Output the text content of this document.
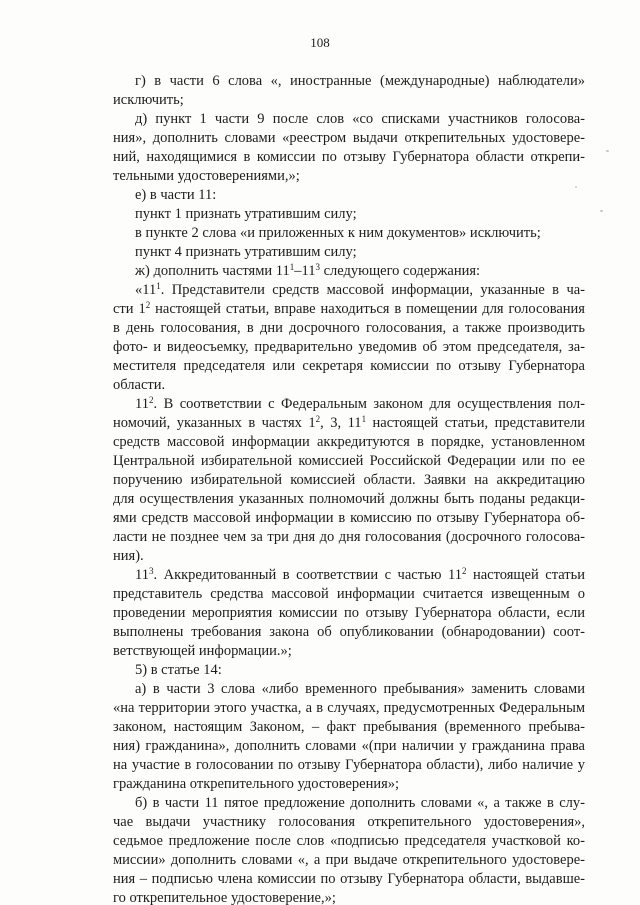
108
г) в части 6 слова «, иностранные (международные) наблюдатели»
исключить;
д) пункт 1 части 9 после слов «со списками участников голосова-
ния», дополнить словами «реестром выдачи открепительных удостовере-
ний, находящимися в комиссии по отзыву Губернатора области открепи-
тельными удостоверениями,»;
е) в части 11:
пункт 1 признать утратившим силу;
в пункте 2 слова «и приложенных к ним документов» исключить;
пункт 4 признать утратившим силу;
ж) дополнить частями $11^1-11^3$ следующего содержания:
«$11^1$. Представители средств массовой информации, указанные в ча-
сти $1^2$ настоящей статьи, вправе находиться в помещении для голосования
в день голосования, в дни досрочного голосования, а также производить
фото- и видеосъемку, предварительно уведомив об этом председателя, за-
местителя председателя или секретаря комиссии по отзыву Губернатора
области.
$11^2$. В соответствии с Федеральным законом для осуществления пол-
номочий, указанных в частях $1^2$, 3, $11^1$ настоящей статьи, представители
средств массовой информации аккредитуются в порядке, установленном
Центральной избирательной комиссией Российской Федерации или по ее
поручению избирательной комиссией области. Заявки на аккредитацию
для осуществления указанных полномочий должны быть поданы редакци-
ями средств массовой информации в комиссию по отзыву Губернатора об-
ласти не позднее чем за три дня до дня голосования (досрочного голосова-
ния).
$11^3$. Аккредитованный в соответствии с частью $11^2$ настоящей статьи
представитель средства массовой информации считается извещенным о
проведении мероприятия комиссии по отзыву Губернатора области, если
выполнены требования закона об опубликовании (обнародовании) соот-
ветствующей информации.»;
5) в статье 14:
а) в части 3 слова «либо временного пребывания» заменить словами
«на территории этого участка, а в случаях, предусмотренных Федеральным
законом, настоящим Законом, – факт пребывания (временного пребыва-
ния) гражданина», дополнить словами «(при наличии у гражданина права
на участие в голосовании по отзыву Губернатора области), либо наличие у
гражданина открепительного удостоверения»;
б) в части 11 пятое предложение дополнить словами «, а также в слу-
чае выдачи участнику голосования открепительного удостоверения»,
седьмое предложение после слов «подписью председателя участковой ко-
миссии» дополнить словами «, а при выдаче открепительного удостовере-
ния – подписью члена комиссии по отзыву Губернатора области, выдавше-
го открепительное удостоверение,»;
